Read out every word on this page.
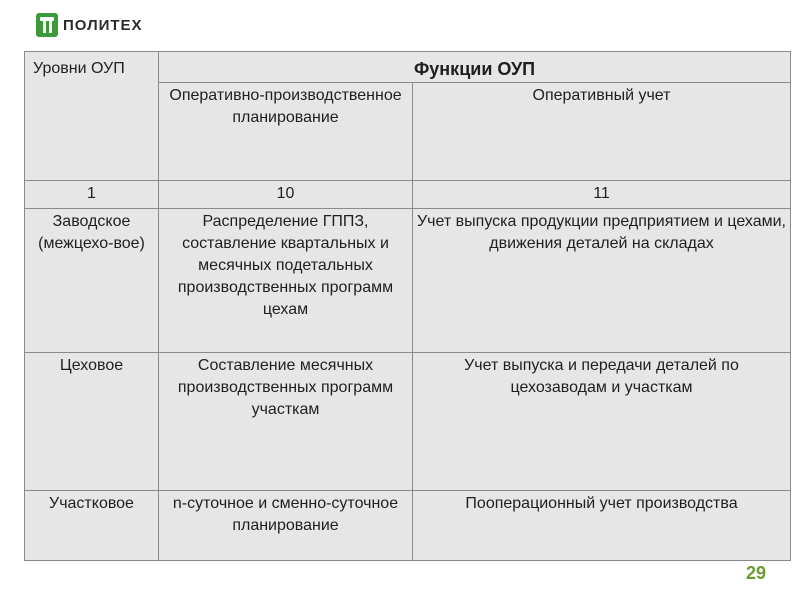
ПОЛИТЕХ
Уровни ОУП	Функции ОУП	
	Оперативно-производственное планирование	Оперативный учет
1	10	11
Заводское (межцехо-вое)	Распределение ГППЗ, составление квартальных и месячных подетальных производственных программ цехам	Учет выпуска продукции предприятием и цехами, движения деталей на складах
Цеховое	Составление месячных производственных программ участкам	Учет выпуска и передачи деталей по цехозаводам и участкам
Участковое	n-суточное и сменно-суточное планирование	Пооперационный учет производства
29
